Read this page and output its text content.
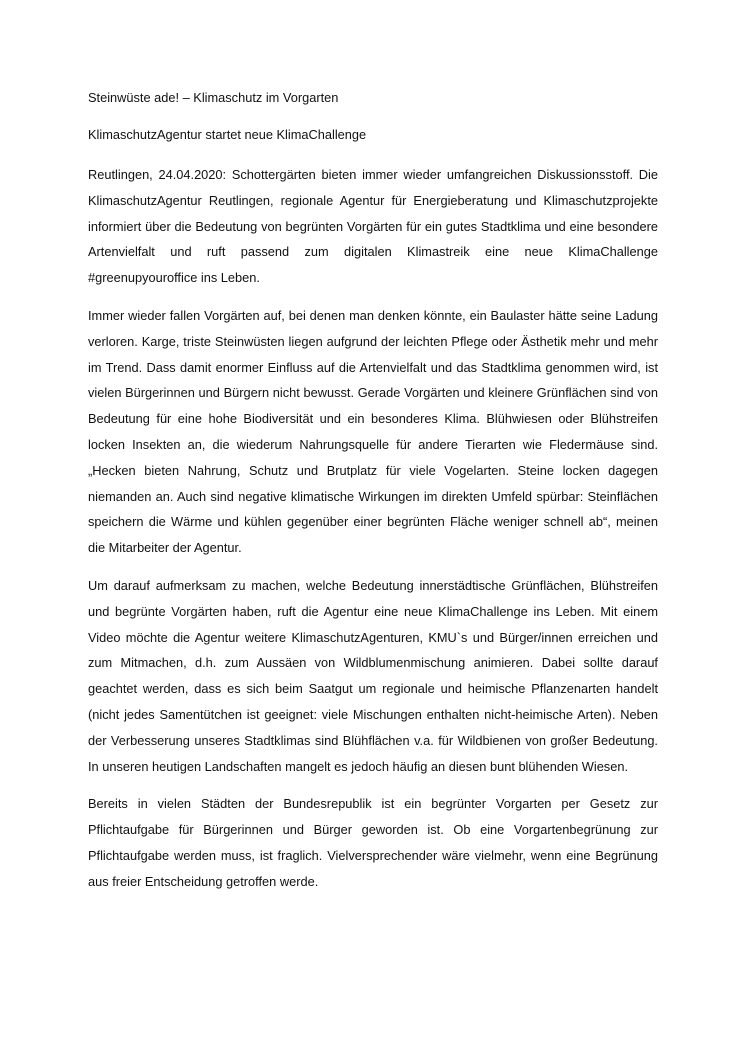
Steinwüste ade! – Klimaschutz im Vorgarten

KlimaschutzAgentur startet neue KlimaChallenge

Reutlingen, 24.04.2020: Schottergärten bieten immer wieder umfangreichen Diskussionsstoff. Die KlimaschutzAgentur Reutlingen, regionale Agentur für Energieberatung und Klimaschutzprojekte informiert über die Bedeutung von begrünten Vorgärten für ein gutes Stadtklima und eine besondere Artenvielfalt und ruft passend zum digitalen Klimastreik eine neue KlimaChallenge #greenupyouroffice ins Leben.

Immer wieder fallen Vorgärten auf, bei denen man denken könnte, ein Baulaster hätte seine Ladung verloren. Karge, triste Steinwüsten liegen aufgrund der leichten Pflege oder Ästhetik mehr und mehr im Trend. Dass damit enormer Einfluss auf die Artenvielfalt und das Stadtklima genommen wird, ist vielen Bürgerinnen und Bürgern nicht bewusst. Gerade Vorgärten und kleinere Grünflächen sind von Bedeutung für eine hohe Biodiversität und ein besonderes Klima. Blühwiesen oder Blühstreifen locken Insekten an, die wiederum Nahrungsquelle für andere Tierarten wie Fledermäuse sind. „Hecken bieten Nahrung, Schutz und Brutplatz für viele Vogelarten. Steine locken dagegen niemanden an. Auch sind negative klimatische Wirkungen im direkten Umfeld spürbar: Steinflächen speichern die Wärme und kühlen gegenüber einer begrünten Fläche weniger schnell ab“, meinen die Mitarbeiter der Agentur.

Um darauf aufmerksam zu machen, welche Bedeutung innerstädtische Grünflächen, Blühstreifen und begrünte Vorgärten haben, ruft die Agentur eine neue KlimaChallenge ins Leben. Mit einem Video möchte die Agentur weitere KlimaschutzAgenturen, KMU`s und Bürger/innen erreichen und zum Mitmachen, d.h. zum Aussäen von Wildblumenmischung animieren. Dabei sollte darauf geachtet werden, dass es sich beim Saatgut um regionale und heimische Pflanzenarten handelt (nicht jedes Samentütchen ist geeignet: viele Mischungen enthalten nicht-heimische Arten). Neben der Verbesserung unseres Stadtklimas sind Blühflächen v.a. für Wildbienen von großer Bedeutung. In unseren heutigen Landschaften mangelt es jedoch häufig an diesen bunt blühenden Wiesen.

Bereits in vielen Städten der Bundesrepublik ist ein begrünter Vorgarten per Gesetz zur Pflichtaufgabe für Bürgerinnen und Bürger geworden ist. Ob eine Vorgartenbegrünung zur Pflichtaufgabe werden muss, ist fraglich. Vielversprechender wäre vielmehr, wenn eine Begrünung aus freier Entscheidung getroffen werde.
